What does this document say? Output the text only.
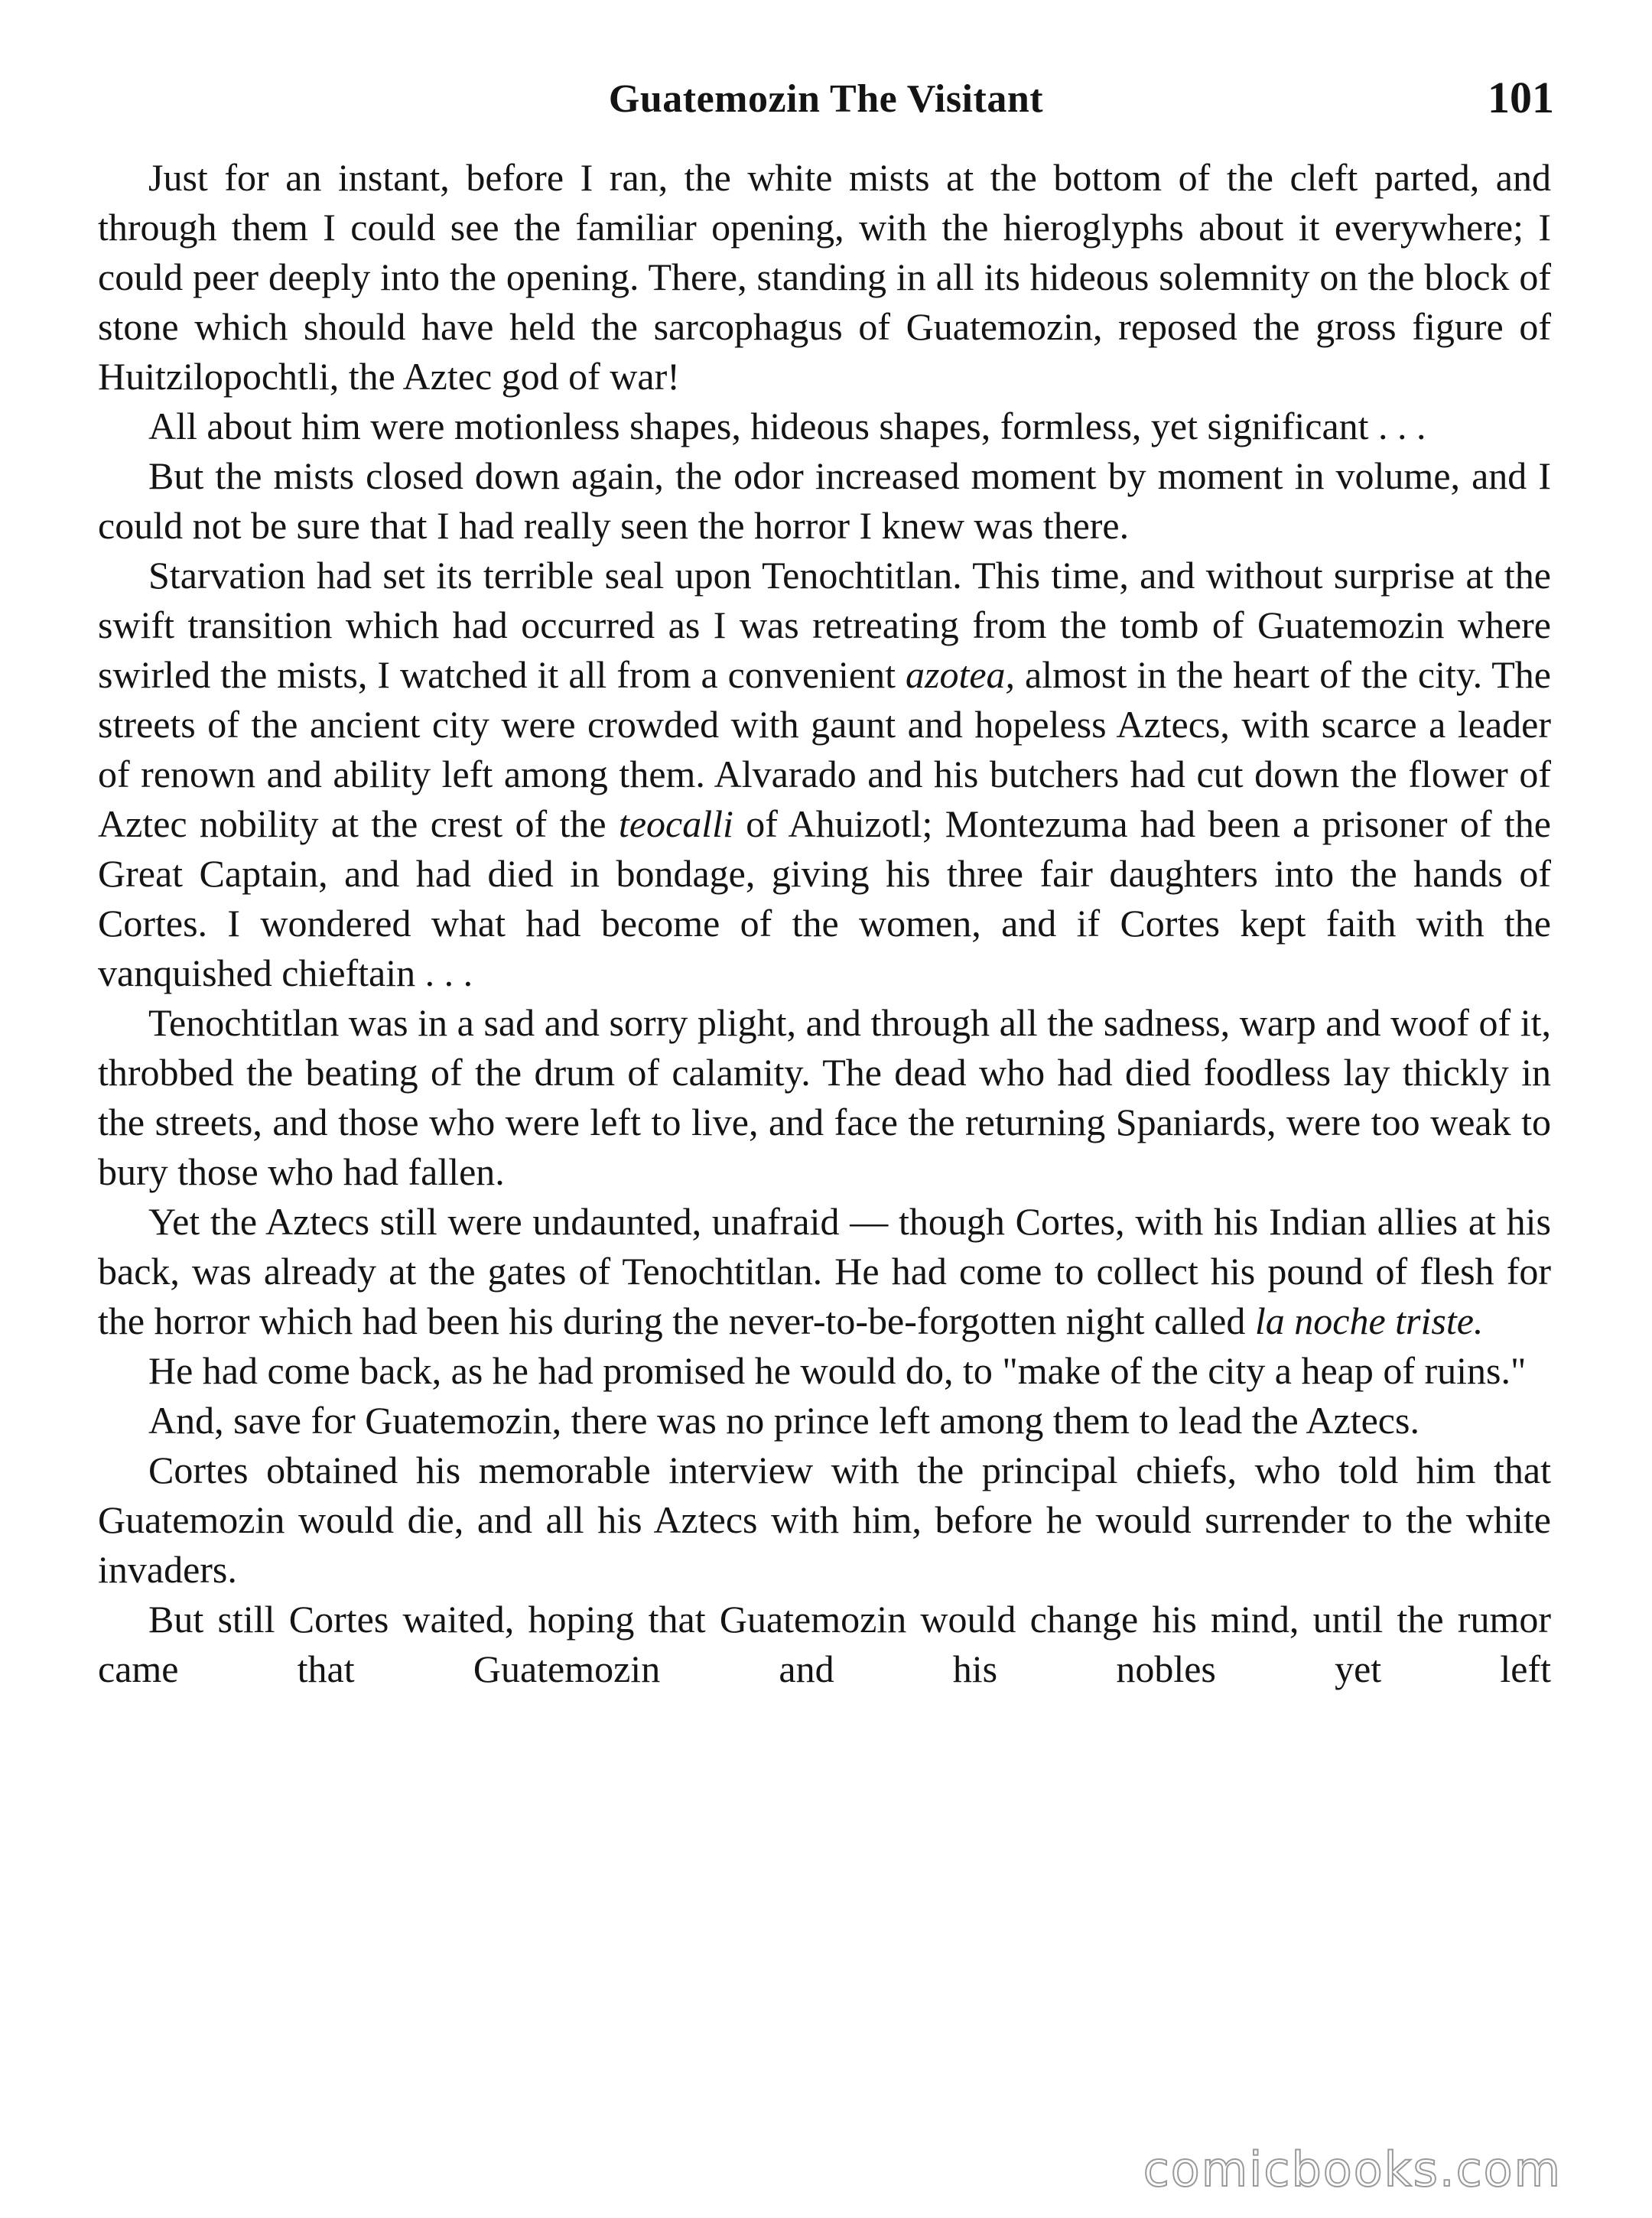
Guatemozin The Visitant	101

Just for an instant, before I ran, the white mists at the bottom of the cleft parted, and through them I could see the familiar opening, with the hieroglyphs about it everywhere; I could peer deeply into the opening. There, standing in all its hideous solemnity on the block of stone which should have held the sarcophagus of Guatemozin, reposed the gross figure of Huitzilopochtli, the Aztec god of war!

All about him were motionless shapes, hideous shapes, formless, yet significant . . .

But the mists closed down again, the odor increased moment by moment in volume, and I could not be sure that I had really seen the horror I knew was there.

Starvation had set its terrible seal upon Tenochtitlan. This time, and without surprise at the swift transition which had occurred as I was retreating from the tomb of Guatemozin where swirled the mists, I watched it all from a convenient azotea, almost in the heart of the city. The streets of the ancient city were crowded with gaunt and hopeless Aztecs, with scarce a leader of renown and ability left among them. Alvarado and his butchers had cut down the flower of Aztec nobility at the crest of the teocalli of Ahuizotl; Montezuma had been a prisoner of the Great Captain, and had died in bondage, giving his three fair daughters into the hands of Cortes. I wondered what had become of the women, and if Cortes kept faith with the vanquished chieftain . . .

Tenochtitlan was in a sad and sorry plight, and through all the sadness, warp and woof of it, throbbed the beating of the drum of calamity. The dead who had died foodless lay thickly in the streets, and those who were left to live, and face the returning Spaniards, were too weak to bury those who had fallen.

Yet the Aztecs still were undaunted, unafraid — though Cortes, with his Indian allies at his back, was already at the gates of Tenochtitlan. He had come to collect his pound of flesh for the horror which had been his during the never-to-be-forgotten night called la noche triste.

He had come back, as he had promised he would do, to "make of the city a heap of ruins."

And, save for Guatemozin, there was no prince left among them to lead the Aztecs.

Cortes obtained his memorable interview with the principal chiefs, who told him that Guatemozin would die, and all his Aztecs with him, before he would surrender to the white invaders.

But still Cortes waited, hoping that Guatemozin would change his mind, until the rumor came that Guatemozin and his nobles yet left

comicbooks.com
